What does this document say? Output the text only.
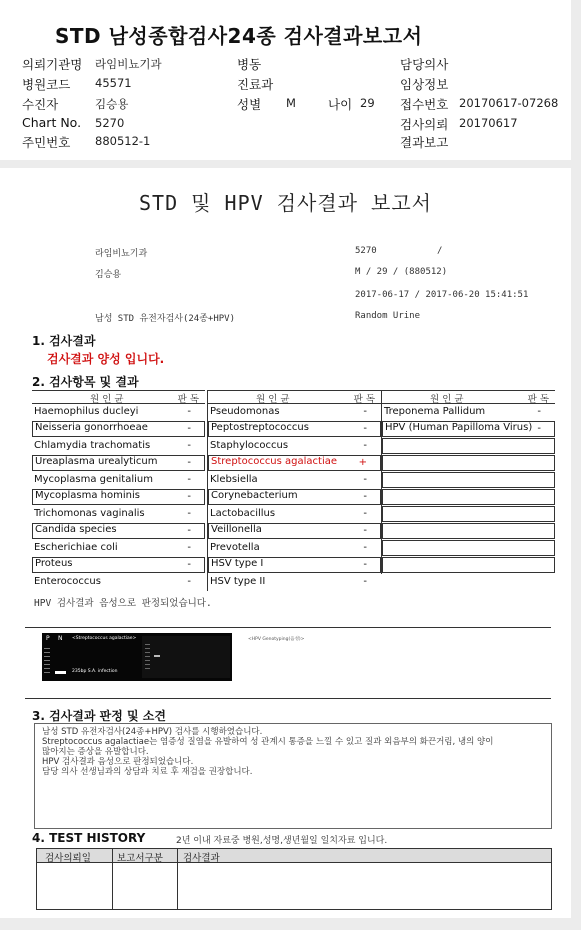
STD 남성종합검사24종 검사결과보고서
의뢰기관명 라임비뇨기과	병동	담당의사
병원코드 45571	진료과	임상정보
수진자	김승용	성별 M	나이 29 접수번호 20170617-07268
Chart No. 5270	검사의뢰 20170617
주민번호 880512-1	결과보고
STD 및 HPV 검사결과 보고서
라임비뇨기과	5270	/
김승용	M / 29 / (880512)
2017-06-17 / 2017-06-20 15:41:51
남성 STD 유전자검사(24종+HPV)	Random Urine
1. 검사결과
검사결과 양성 입니다.
2. 검사항목 및 결과
원 인 균	판 독
Haemophilus ducleyi	-
Neisseria gonorrhoeae	-
Chlamydia trachomatis	-
Ureaplasma urealyticum	-
Mycoplasma genitalium	-
Mycoplasma hominis	-
Trichomonas vaginalis	-
Candida species	-
Escherichiae coli	-
Proteus	-
Enterococcus	-
원 인 균	판 독
Pseudomonas	-
Peptostreptococcus	-
Staphylococcus	-
Streptococcus agalactiae	+
Klebsiella	-
Corynebacterium	-
Lactobacillus	-
Veillonella	-
Prevotella	-
HSV type I	-
HSV type II	-
원 인 균	판 독
Treponema Pallidum	-
HPV (Human Papilloma Virus) -
HPV 검사결과 음성으로 판정되었습니다.
P N <Streptococcus agalactiae>
235bp S.A. infection
<HPV Genotyping(음성)>
3. 검사결과 판정 및 소견
남성 STD 유전자검사(24종+HPV) 검사를 시행하였습니다.
Streptococcus agalactiae는 염증성 질염을 유발하여 성 관계시 통증을 느낄 수 있고 질과 외음부의 화끈거림, 냉의 양이
많아지는 증상을 유발합니다.
HPV 검사결과 음성으로 판정되었습니다.
담당 의사 선생님과의 상담과 치료 후 재검을 권장합니다.
4. TEST HISTORY	2년 이내 자료중 병원,성명,생년월일 일치자료 입니다.
검사의뢰일	보고서구분 검사결과
